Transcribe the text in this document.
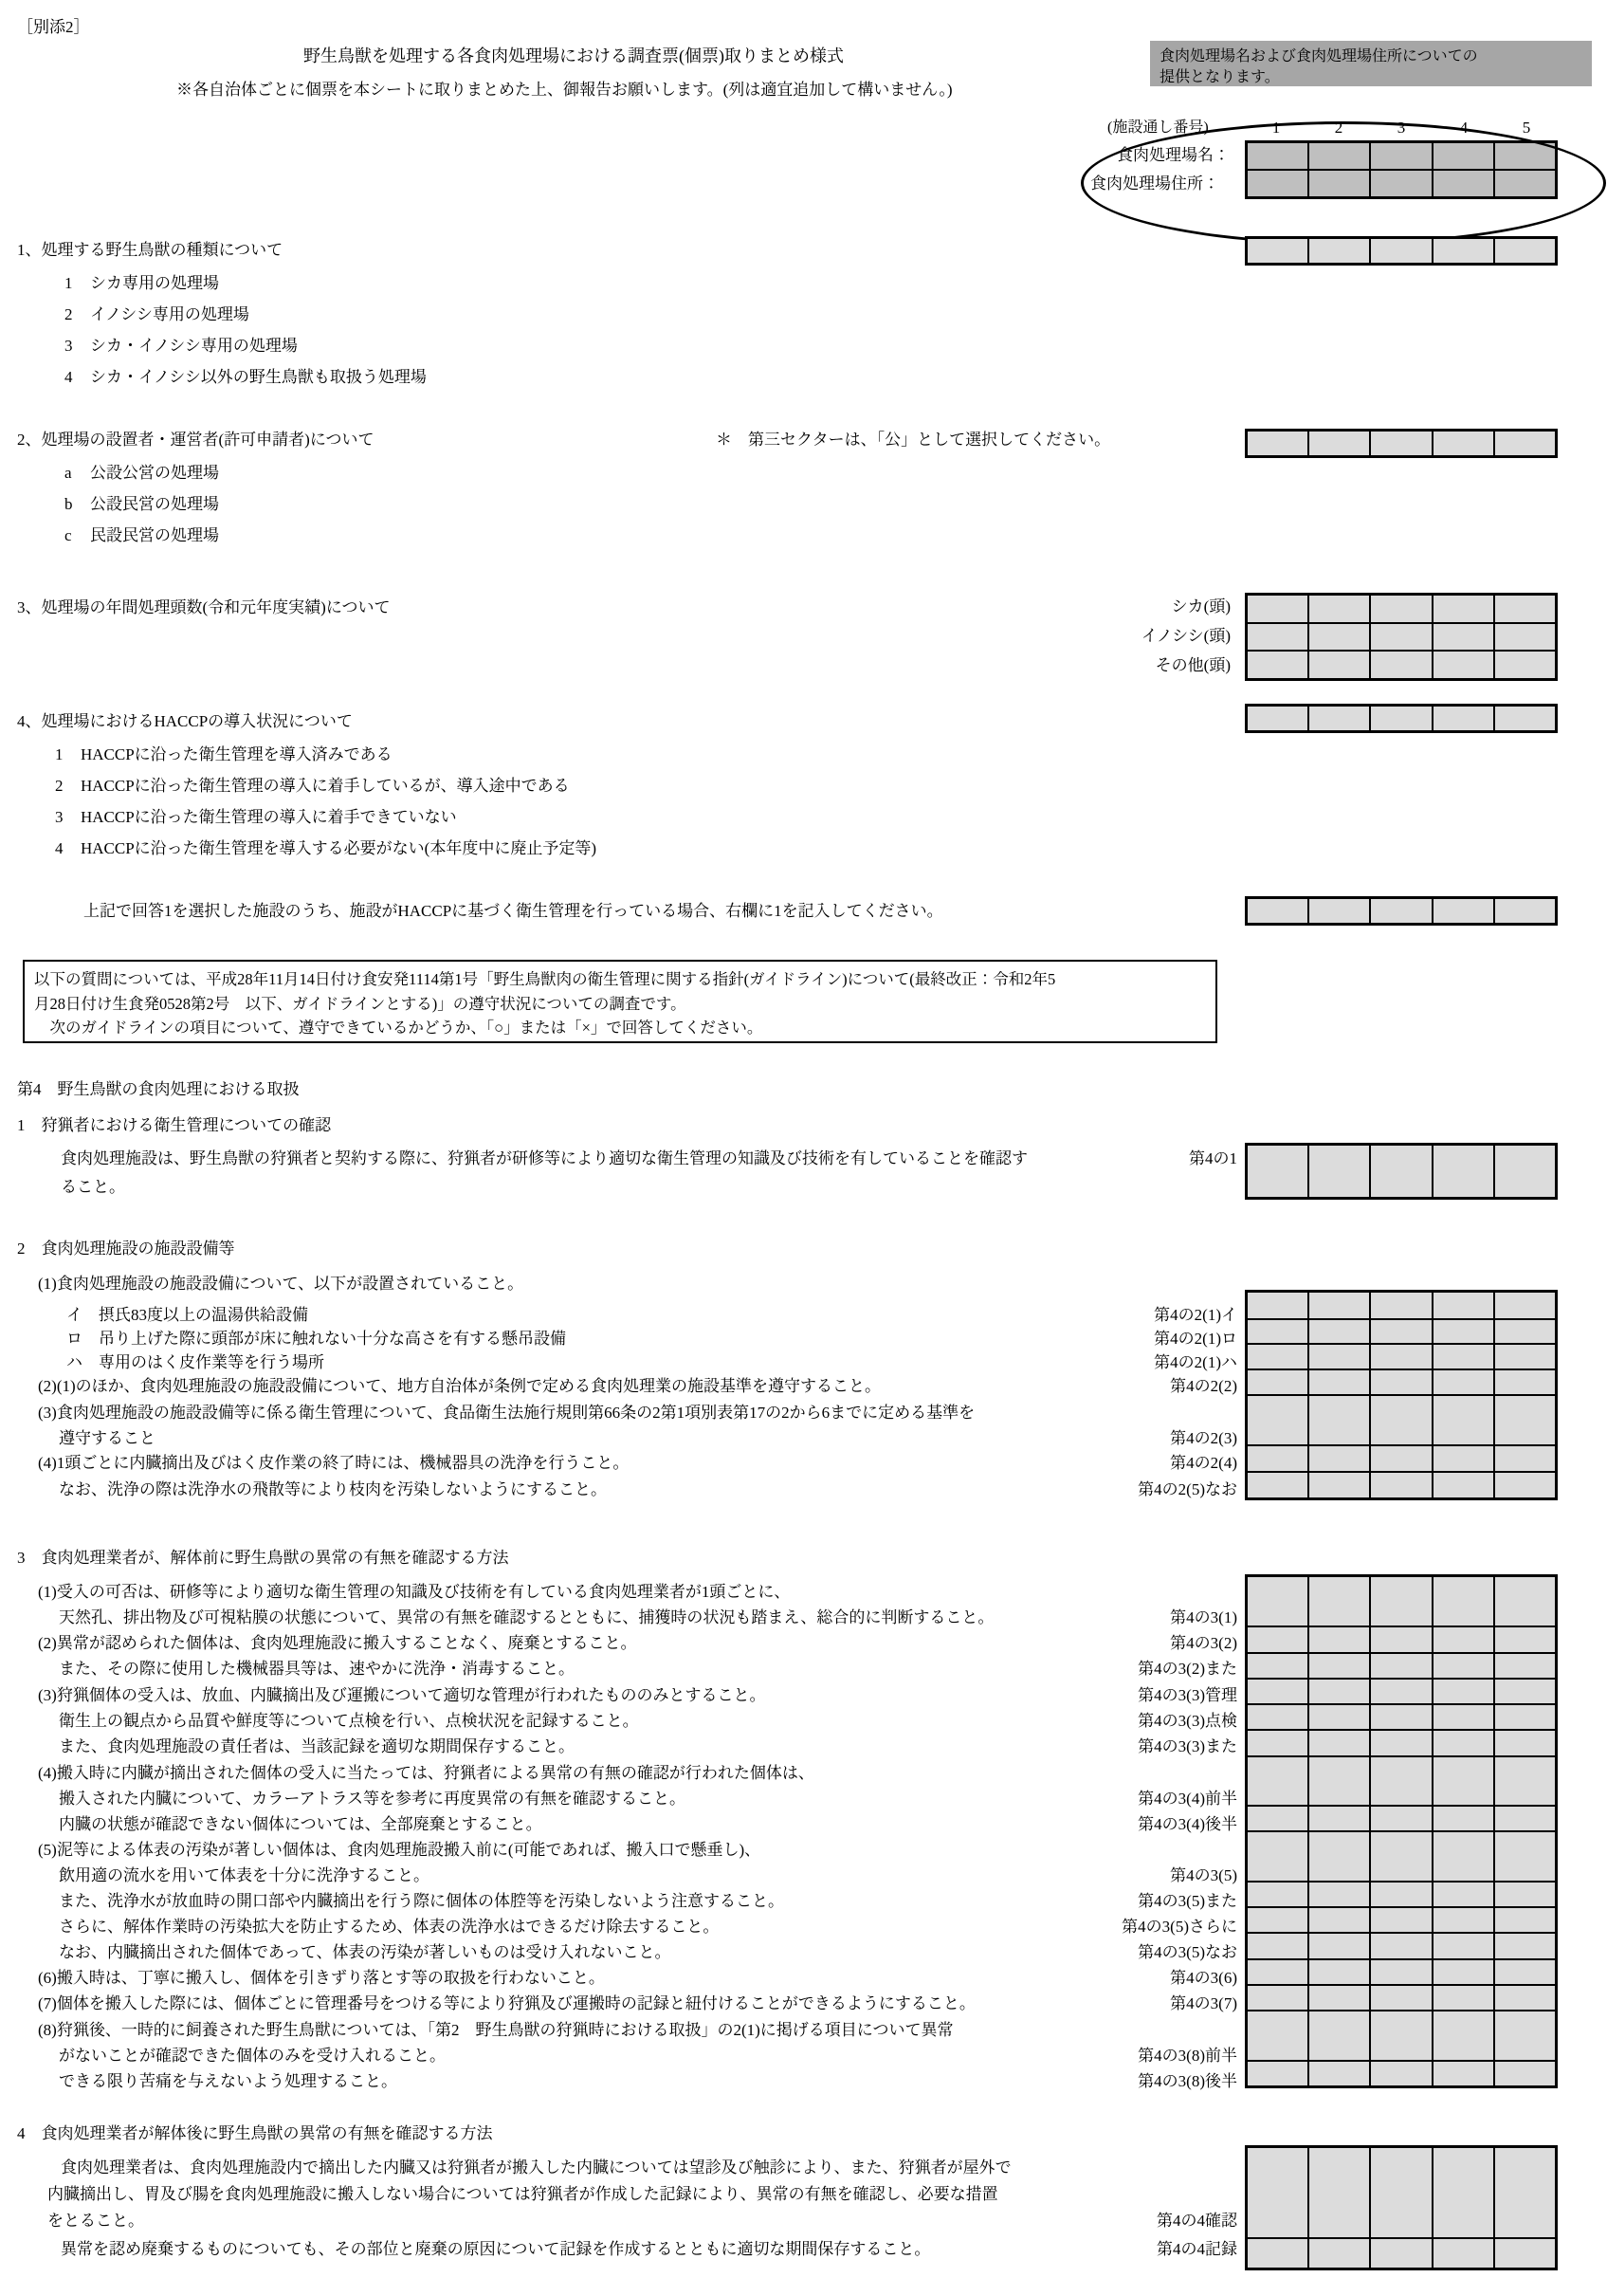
［別添2］
野生鳥獣を処理する各食肉処理場における調査票(個票)取りまとめ様式
※各自治体ごとに個票を本シートに取りまとめた上、御報告お願いします。(列は適宜追加して構いません。)
食肉処理場名および食肉処理場住所についての
提供となります。
(施設通し番号)	1	2	3	4	5
食肉処理場名：
食肉処理場住所：
1、処理する野生鳥獣の種類について
1 シカ専用の処理場
2 イノシシ専用の処理場
3 シカ・イノシシ専用の処理場
4 シカ・イノシシ以外の野生鳥獣も取扱う処理場
2、処理場の設置者・運営者(許可申請者)について	＊　第三セクターは、「公」として選択してください。
a 公設公営の処理場
b 公設民営の処理場
c 民設民営の処理場
3、処理場の年間処理頭数(令和元年度実績)について	シカ(頭)
イノシシ(頭)
その他(頭)
4、処理場におけるHACCPの導入状況について
1 HACCPに沿った衛生管理を導入済みである
2 HACCPに沿った衛生管理の導入に着手しているが、導入途中である
3 HACCPに沿った衛生管理の導入に着手できていない
4 HACCPに沿った衛生管理を導入する必要がない(本年度中に廃止予定等)
上記で回答1を選択した施設のうち、施設がHACCPに基づく衛生管理を行っている場合、右欄に1を記入してください。
以下の質問については、平成28年11月14日付け食安発1114第1号「野生鳥獣肉の衛生管理に関する指針(ガイドライン)について(最終改正：令和2年5
月28日付け生食発0528第2号　以下、ガイドラインとする)」の遵守状況についての調査です。
　次のガイドラインの項目について、遵守できているかどうか、「○」または「×」で回答してください。
第4　野生鳥獣の食肉処理における取扱
1　狩猟者における衛生管理についての確認
食肉処理施設は、野生鳥獣の狩猟者と契約する際に、狩猟者が研修等により適切な衛生管理の知識及び技術を有していることを確認す
ること。
第4の1
2　食肉処理施設の施設設備等
(1)食肉処理施設の施設設備について、以下が設置されていること。
イ　摂氏83度以上の温湯供給設備	第4の2(1)イ
ロ　吊り上げた際に頭部が床に触れない十分な高さを有する懸吊設備	第4の2(1)ロ
ハ　専用のはく皮作業等を行う場所	第4の2(1)ハ
(2)(1)のほか、食肉処理施設の施設設備について、地方自治体が条例で定める食肉処理業の施設基準を遵守すること。	第4の2(2)
(3)食肉処理施設の施設設備等に係る衛生管理について、食品衛生法施行規則第66条の2第1項別表第17の2から6までに定める基準を
遵守すること	第4の2(3)
(4)1頭ごとに内臓摘出及びはく皮作業の終了時には、機械器具の洗浄を行うこと。	第4の2(4)
なお、洗浄の際は洗浄水の飛散等により枝肉を汚染しないようにすること。	第4の2(5)なお
3　食肉処理業者が、解体前に野生鳥獣の異常の有無を確認する方法
(1)受入の可否は、研修等により適切な衛生管理の知識及び技術を有している食肉処理業者が1頭ごとに、
天然孔、排出物及び可視粘膜の状態について、異常の有無を確認するとともに、捕獲時の状況も踏まえ、総合的に判断すること。	第4の3(1)
(2)異常が認められた個体は、食肉処理施設に搬入することなく、廃棄とすること。	第4の3(2)
また、その際に使用した機械器具等は、速やかに洗浄・消毒すること。	第4の3(2)また
(3)狩猟個体の受入は、放血、内臓摘出及び運搬について適切な管理が行われたもののみとすること。	第4の3(3)管理
衛生上の観点から品質や鮮度等について点検を行い、点検状況を記録すること。	第4の3(3)点検
また、食肉処理施設の責任者は、当該記録を適切な期間保存すること。	第4の3(3)また
(4)搬入時に内臓が摘出された個体の受入に当たっては、狩猟者による異常の有無の確認が行われた個体は、
搬入された内臓について、カラーアトラス等を参考に再度異常の有無を確認すること。	第4の3(4)前半
内臓の状態が確認できない個体については、全部廃棄とすること。	第4の3(4)後半
(5)泥等による体表の汚染が著しい個体は、食肉処理施設搬入前に(可能であれば、搬入口で懸垂し)、
飲用適の流水を用いて体表を十分に洗浄すること。	第4の3(5)
また、洗浄水が放血時の開口部や内臓摘出を行う際に個体の体腔等を汚染しないよう注意すること。	第4の3(5)また
さらに、解体作業時の汚染拡大を防止するため、体表の洗浄水はできるだけ除去すること。	第4の3(5)さらに
なお、内臓摘出された個体であって、体表の汚染が著しいものは受け入れないこと。	第4の3(5)なお
(6)搬入時は、丁寧に搬入し、個体を引きずり落とす等の取扱を行わないこと。	第4の3(6)
(7)個体を搬入した際には、個体ごとに管理番号をつける等により狩猟及び運搬時の記録と紐付けることができるようにすること。	第4の3(7)
(8)狩猟後、一時的に飼養された野生鳥獣については、「第2　野生鳥獣の狩猟時における取扱」の2(1)に掲げる項目について異常
がないことが確認できた個体のみを受け入れること。	第4の3(8)前半
できる限り苦痛を与えないよう処理すること。	第4の3(8)後半
4　食肉処理業者が解体後に野生鳥獣の異常の有無を確認する方法
食肉処理業者は、食肉処理施設内で摘出した内臓又は狩猟者が搬入した内臓については望診及び触診により、また、狩猟者が屋外で
内臓摘出し、胃及び腸を食肉処理施設に搬入しない場合については狩猟者が作成した記録により、異常の有無を確認し、必要な措置
をとること。	第4の4確認
異常を認め廃棄するものについても、その部位と廃棄の原因について記録を作成するとともに適切な期間保存すること。	第4の4記録
